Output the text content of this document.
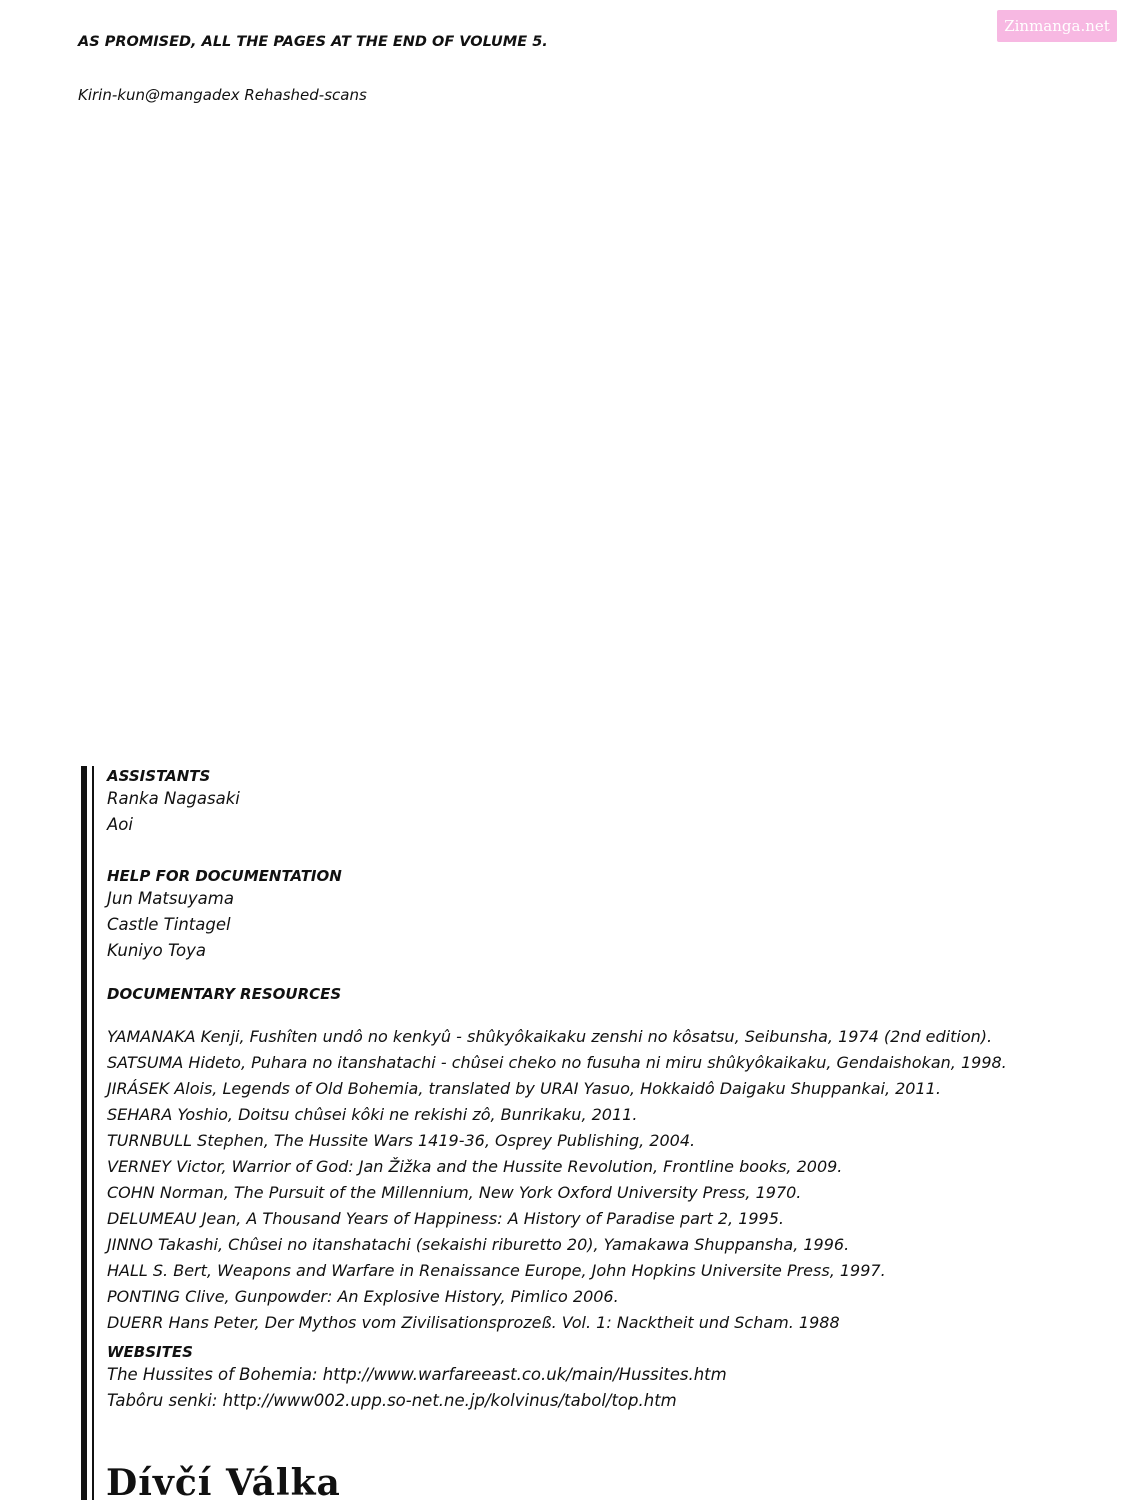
Zinmanga.net
AS PROMISED, ALL THE PAGES AT THE END OF VOLUME 5.
Kirin-kun@mangadex Rehashed-scans
ASSISTANTS
Ranka Nagasaki
Aoi
HELP FOR DOCUMENTATION
Jun Matsuyama
Castle Tintagel
Kuniyo Toya
DOCUMENTARY RESOURCES
YAMANAKA Kenji, Fushîten undô no kenkyû - shûkyôkaikaku zenshi no kôsatsu, Seibunsha, 1974 (2nd edition).
SATSUMA Hideto, Puhara no itanshatachi - chûsei cheko no fusuha ni miru shûkyôkaikaku, Gendaishokan, 1998.
JIRÁSEK Alois, Legends of Old Bohemia, translated by URAI Yasuo, Hokkaidô Daigaku Shuppankai, 2011.
SEHARA Yoshio, Doitsu chûsei kôki ne rekishi zô, Bunrikaku, 2011.
TURNBULL Stephen, The Hussite Wars 1419-36, Osprey Publishing, 2004.
VERNEY Victor, Warrior of God: Jan Žižka and the Hussite Revolution, Frontline books, 2009.
COHN Norman, The Pursuit of the Millennium, New York Oxford University Press, 1970.
DELUMEAU Jean, A Thousand Years of Happiness: A History of Paradise part 2, 1995.
JINNO Takashi, Chûsei no itanshatachi (sekaishi riburetto 20), Yamakawa Shuppansha, 1996.
HALL S. Bert, Weapons and Warfare in Renaissance Europe, John Hopkins Universite Press, 1997.
PONTING Clive, Gunpowder: An Explosive History, Pimlico 2006.
DUERR Hans Peter, Der Mythos vom Zivilisationsprozeß. Vol. 1: Nacktheit und Scham. 1988
WEBSITES
The Hussites of Bohemia: http://www.warfareeast.co.uk/main/Hussites.htm
Tabôru senki: http://www002.upp.so-net.ne.jp/kolvinus/tabol/top.htm
Dívčí Válka
